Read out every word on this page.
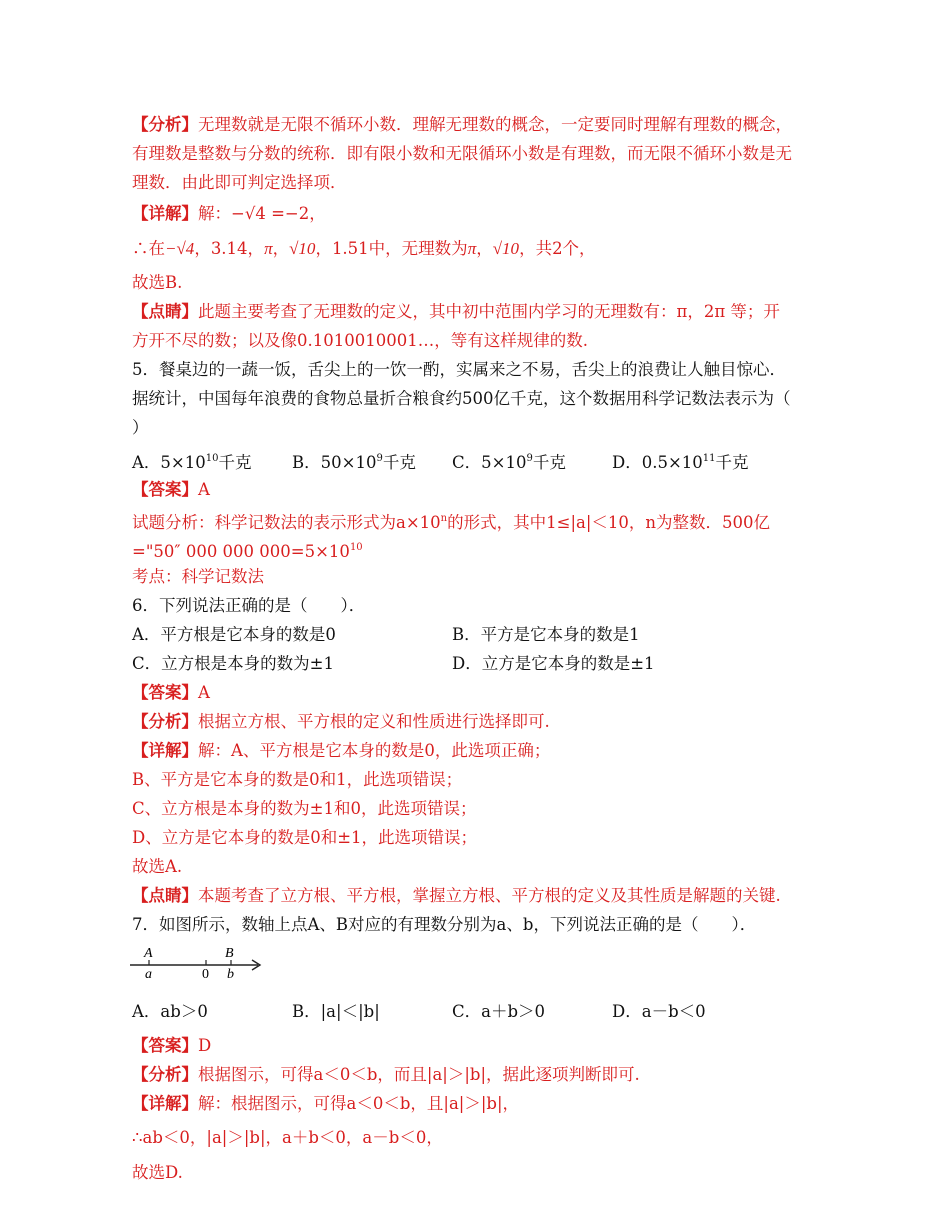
【分析】无理数就是无限不循环小数．理解无理数的概念，一定要同时理解有理数的概念，
有理数是整数与分数的统称．即有限小数和无限循环小数是有理数，而无限不循环小数是无
理数．由此即可判定选择项．
【详解】解：−√4 =−2，
∴在−√4，3.14，π，√10，1.51中，无理数为π，√10，共2个，
故选B.
【点睛】此题主要考查了无理数的定义，其中初中范围内学习的无理数有：π，2π 等；开
方开不尽的数；以及像0.1010010001…，等有这样规律的数.
5．餐桌边的一蔬一饭，舌尖上的一饮一酌，实属来之不易，舌尖上的浪费让人触目惊心．
据统计，中国每年浪费的食物总量折合粮食约500亿千克，这个数据用科学记数法表示为（
）
A．$5\times 10^{10}$千克 B．$50\times 10^9$千克 C．$5\times 10^9$千克	D．$0.5\times 10^{11}$千克
【答案】A
试题分析：科学记数法的表示形式为$a\times 10^n$的形式，其中1≤|a|＜10，n为整数．500亿
="50″ 000 000 $000=5\times 10^{10}$
考点：科学记数法
6．下列说法正确的是（　　）．
A．平方根是它本身的数是0	B．平方是它本身的数是1
C．立方根是本身的数为±1	D．立方是它本身的数是±1
【答案】A
【分析】根据立方根、平方根的定义和性质进行选择即可.
【详解】解：A、平方根是它本身的数是0，此选项正确；
B、平方是它本身的数是0和1，此选项错误；
C、立方根是本身的数为±1和0，此选项错误；
D、立方是它本身的数是0和±1，此选项错误；
故选A.
【点睛】本题考查了立方根、平方根，掌握立方根、平方根的定义及其性质是解题的关键.
7．如图所示，数轴上点A、B对应的有理数分别为a、b，下列说法正确的是（　　）．
A
a	0
B
b
A．ab＞0	B．|a|＜|b|	C．a＋b＞0	D．a－b＜0
【答案】D
【分析】根据图示，可得a＜0＜b，而且|a|＞|b|，据此逐项判断即可.
【详解】解：根据图示，可得a＜0＜b，且|a|＞|b|，
∴ab＜0，|a|＞|b|，a＋b＜0，a－b＜0，
故选D.
